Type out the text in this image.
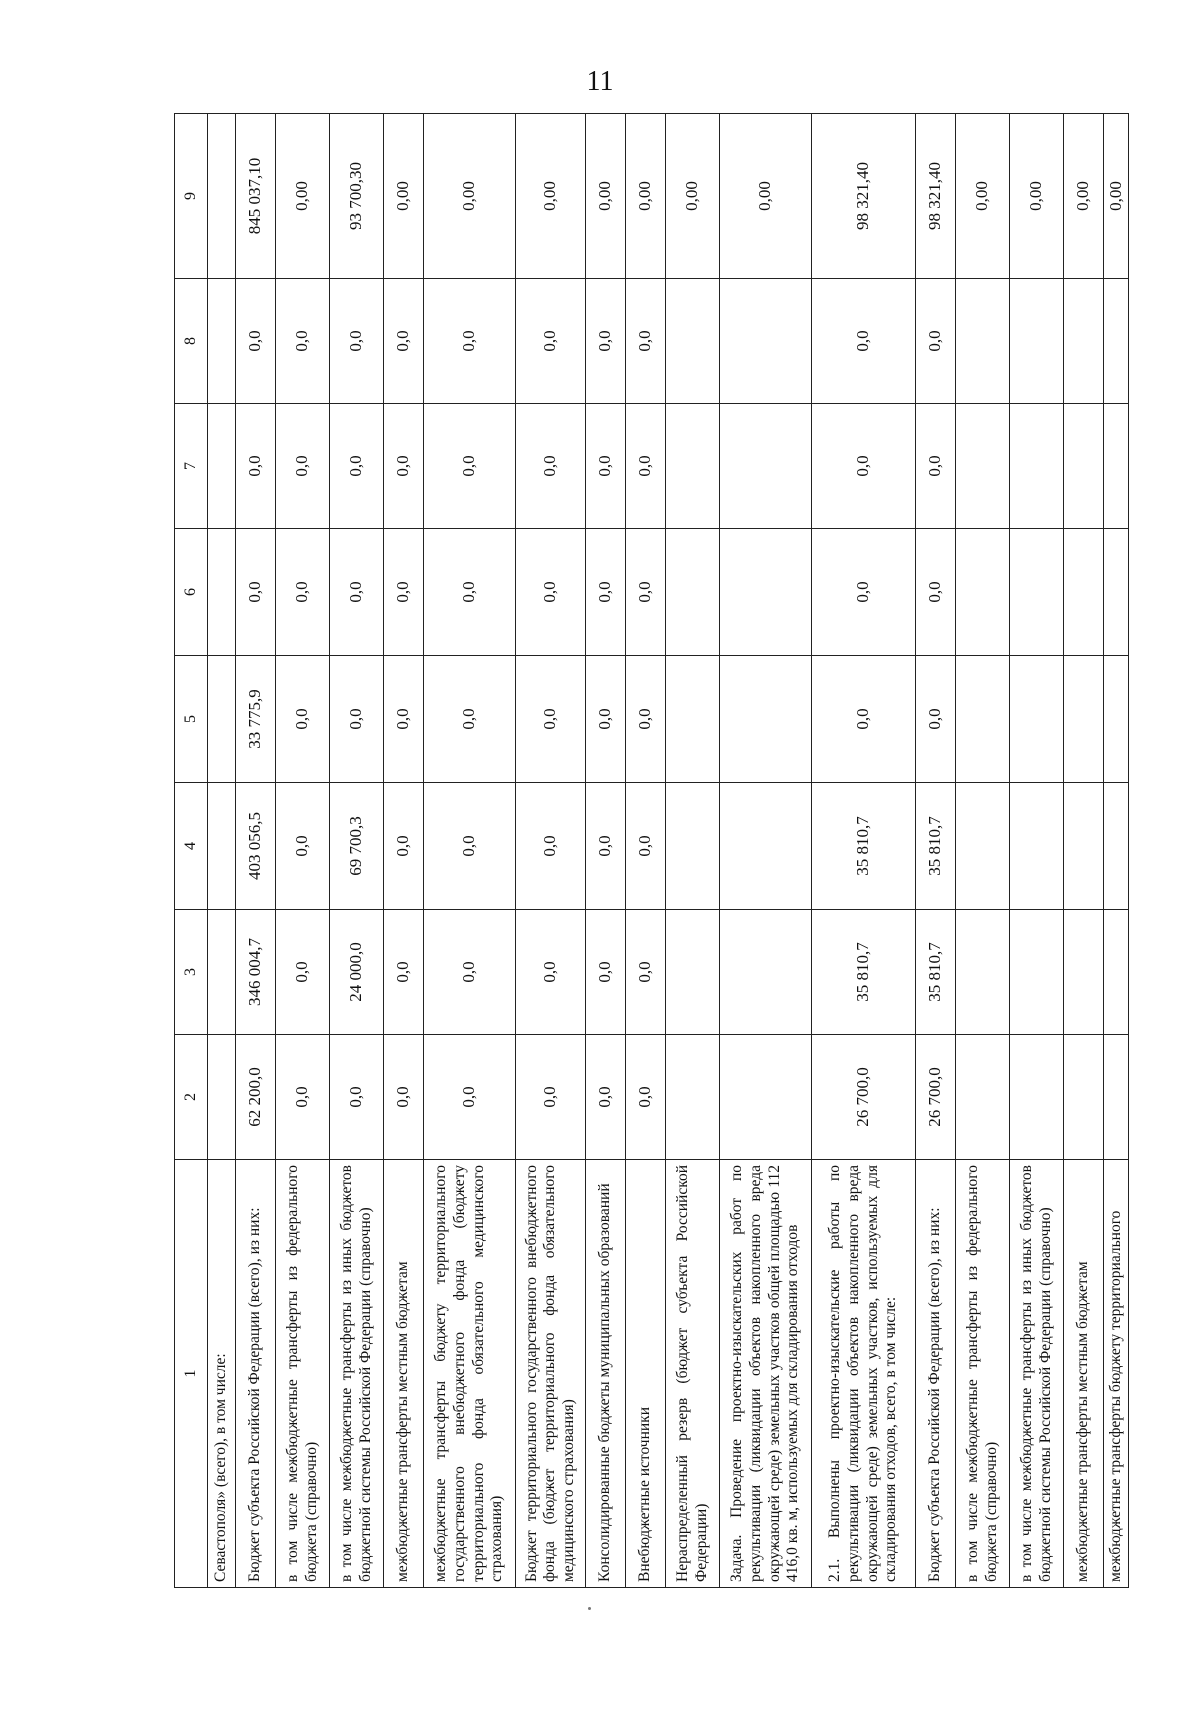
11
1	2	3	4	5	6	7	8	9
Севастополя» (всего), в том числе:								
Бюджет субъекта Российской Федерации (всего), из них:	62 200,0	346 004,7	403 056,5	33 775,9	0,0	0,0	0,0	845 037,10
в том числе межбюджетные трансферты из федерального бюджета (справочно)	0,0	0,0	0,0	0,0	0,0	0,0	0,0	0,00
в том числе межбюджетные трансферты из иных бюджетов бюджетной системы Российской Федерации (справочно)	0,0	24 000,0	69 700,3	0,0	0,0	0,0	0,0	93 700,30
межбюджетные трансферты местным бюджетам	0,0	0,0	0,0	0,0	0,0	0,0	0,0	0,00
межбюджетные трансферты бюджету территориального государственного внебюджетного фонда (бюджету территориального фонда обязательного медицинского страхования)	0,0	0,0	0,0	0,0	0,0	0,0	0,0	0,00
Бюджет территориального государственного внебюджетного фонда (бюджет территориального фонда обязательного медицинского страхования)	0,0	0,0	0,0	0,0	0,0	0,0	0,0	0,00
Консолидированные бюджеты муниципальных образований	0,0	0,0	0,0	0,0	0,0	0,0	0,0	0,00
Внебюджетные источники	0,0	0,0	0,0	0,0	0,0	0,0	0,0	0,00
Нераспределенный резерв (бюджет субъекта Российской Федерации)								0,00
Задача. Проведение проектно-изыскательских работ по рекультивации (ликвидации объектов накопленного вреда окружающей среде) земельных участков общей площадью 112 416,0 кв. м, используемых для складирования отходов								0,00
2.1. Выполнены проектно-изыскательские работы по рекультивации (ликвидации объектов накопленного вреда окружающей среде) земельных участков, используемых для складирования отходов, всего, в том числе:	26 700,0	35 810,7	35 810,7	0,0	0,0	0,0	0,0	98 321,40
Бюджет субъекта Российской Федерации (всего), из них:	26 700,0	35 810,7	35 810,7	0,0	0,0	0,0	0,0	98 321,40
в том числе межбюджетные трансферты из федерального бюджета (справочно)								0,00
в том числе межбюджетные трансферты из иных бюджетов бюджетной системы Российской Федерации (справочно)								0,00
межбюджетные трансферты местным бюджетам								0,00
межбюджетные трансферты бюджету территориального								0,00
